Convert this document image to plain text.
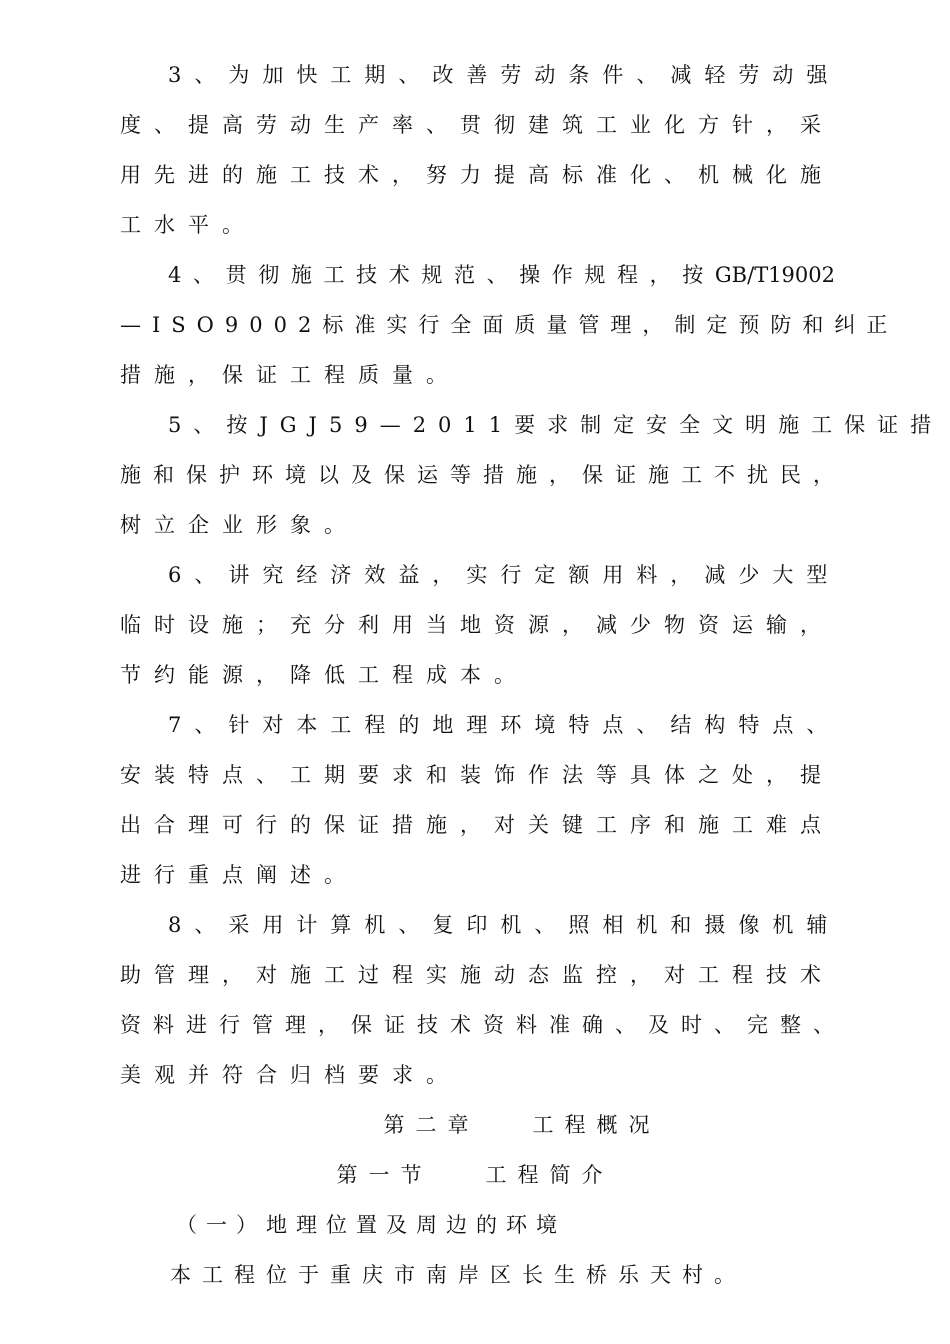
3、为加快工期、改善劳动条件、减轻劳动强
度、提高劳动生产率、贯彻建筑工业化方针，采
用先进的施工技术，努力提高标准化、机械化施
工水平。
4、贯彻施工技术规范、操作规程，按GB/T19002
—ISO9002标准实行全面质量管理，制定预防和纠正
措施，保证工程质量。
5、按JGJ59—2011要求制定安全文明施工保证措
施和保护环境以及保运等措施，保证施工不扰民，
树立企业形象。
6、讲究经济效益，实行定额用料，减少大型
临时设施；充分利用当地资源，减少物资运输，
节约能源，降低工程成本。
7、针对本工程的地理环境特点、结构特点、
安装特点、工期要求和装饰作法等具体之处，提
出合理可行的保证措施，对关键工序和施工难点
进行重点阐述。
8、采用计算机、复印机、照相机和摄像机辅
助管理，对施工过程实施动态监控，对工程技术
资料进行管理，保证技术资料准确、及时、完整、
美观并符合归档要求。
第二章   工程概况
第一节   工程简介
（一）地理位置及周边的环境
本工程位于重庆市南岸区长生桥乐天村。
